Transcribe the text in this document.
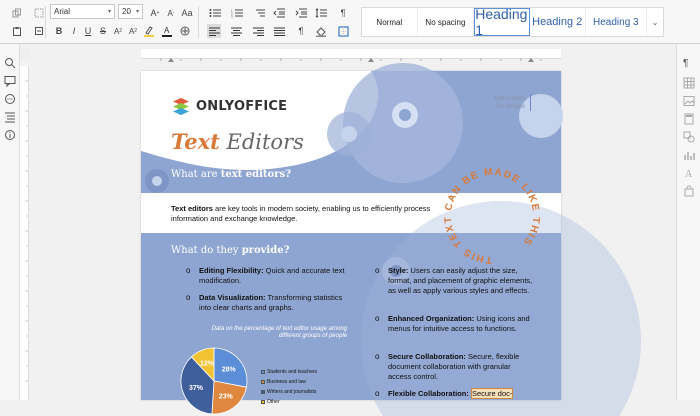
Arial	▾ 20 ▾ A +	A - Aa
B	I	U S A 2 A 2	A
1
2
3	¶
¶
Normal	No spacing Heading 1	Heading 2	Heading 3	⌄
¶
A
ONLYOFFICE	Text Editors
for Review
Text Editors
What are text editors?
Text editors are key tools in modern society, enabling us to efficiently process information and exchange knowledge.
THIS TEXT CAN BE MADE LIKE THIS
What do they provide?
o Editing Flexibility: Quick and accurate text modification.
o Data Visualization: Transforming statistics into clear charts and graphs.
o Style: Users can easily adjust the size, format, and placement of graphic elements, as well as apply various styles and effects.
o Enhanced Organization: Using icons and menus for intuitive access to functions.
o Secure Collaboration: Secure, flexible document collaboration with granular access control.
o Flexible Collaboration: Secure doc-
Data on the percentage of text editor usage among different groups of people
28%
23%
37%
12%
Students and teachers
Business and law
Writers and journalists
Other
